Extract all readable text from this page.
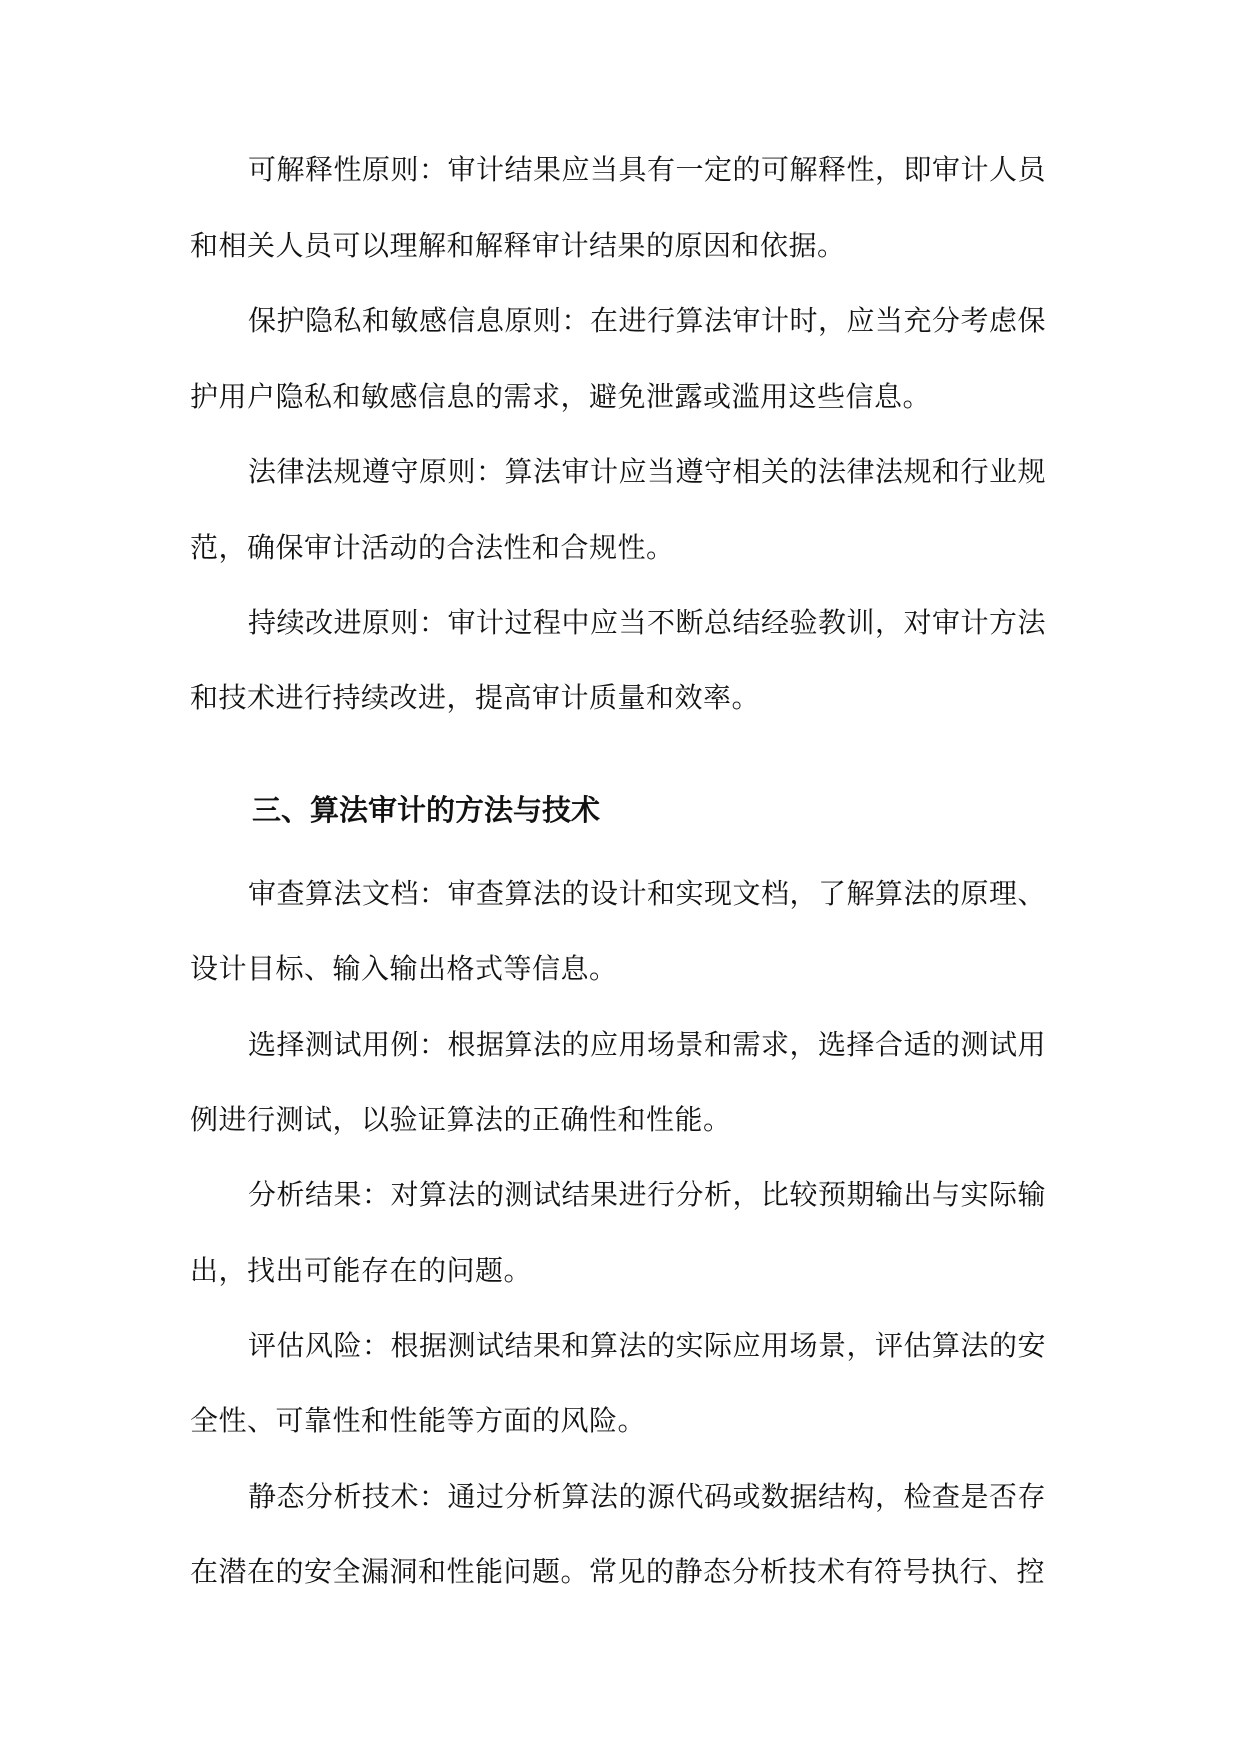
可解释性原则：审计结果应当具有一定的可解释性，即审计人员
和相关人员可以理解和解释审计结果的原因和依据。
保护隐私和敏感信息原则：在进行算法审计时，应当充分考虑保
护用户隐私和敏感信息的需求，避免泄露或滥用这些信息。
法律法规遵守原则：算法审计应当遵守相关的法律法规和行业规
范，确保审计活动的合法性和合规性。
持续改进原则：审计过程中应当不断总结经验教训，对审计方法
和技术进行持续改进，提高审计质量和效率。
三、算法审计的方法与技术
审查算法文档：审查算法的设计和实现文档，了解算法的原理、
设计目标、输入输出格式等信息。
选择测试用例：根据算法的应用场景和需求，选择合适的测试用
例进行测试，以验证算法的正确性和性能。
分析结果：对算法的测试结果进行分析，比较预期输出与实际输
出，找出可能存在的问题。
评估风险：根据测试结果和算法的实际应用场景，评估算法的安
全性、可靠性和性能等方面的风险。
静态分析技术：通过分析算法的源代码或数据结构，检查是否存
在潜在的安全漏洞和性能问题。常见的静态分析技术有符号执行、控
